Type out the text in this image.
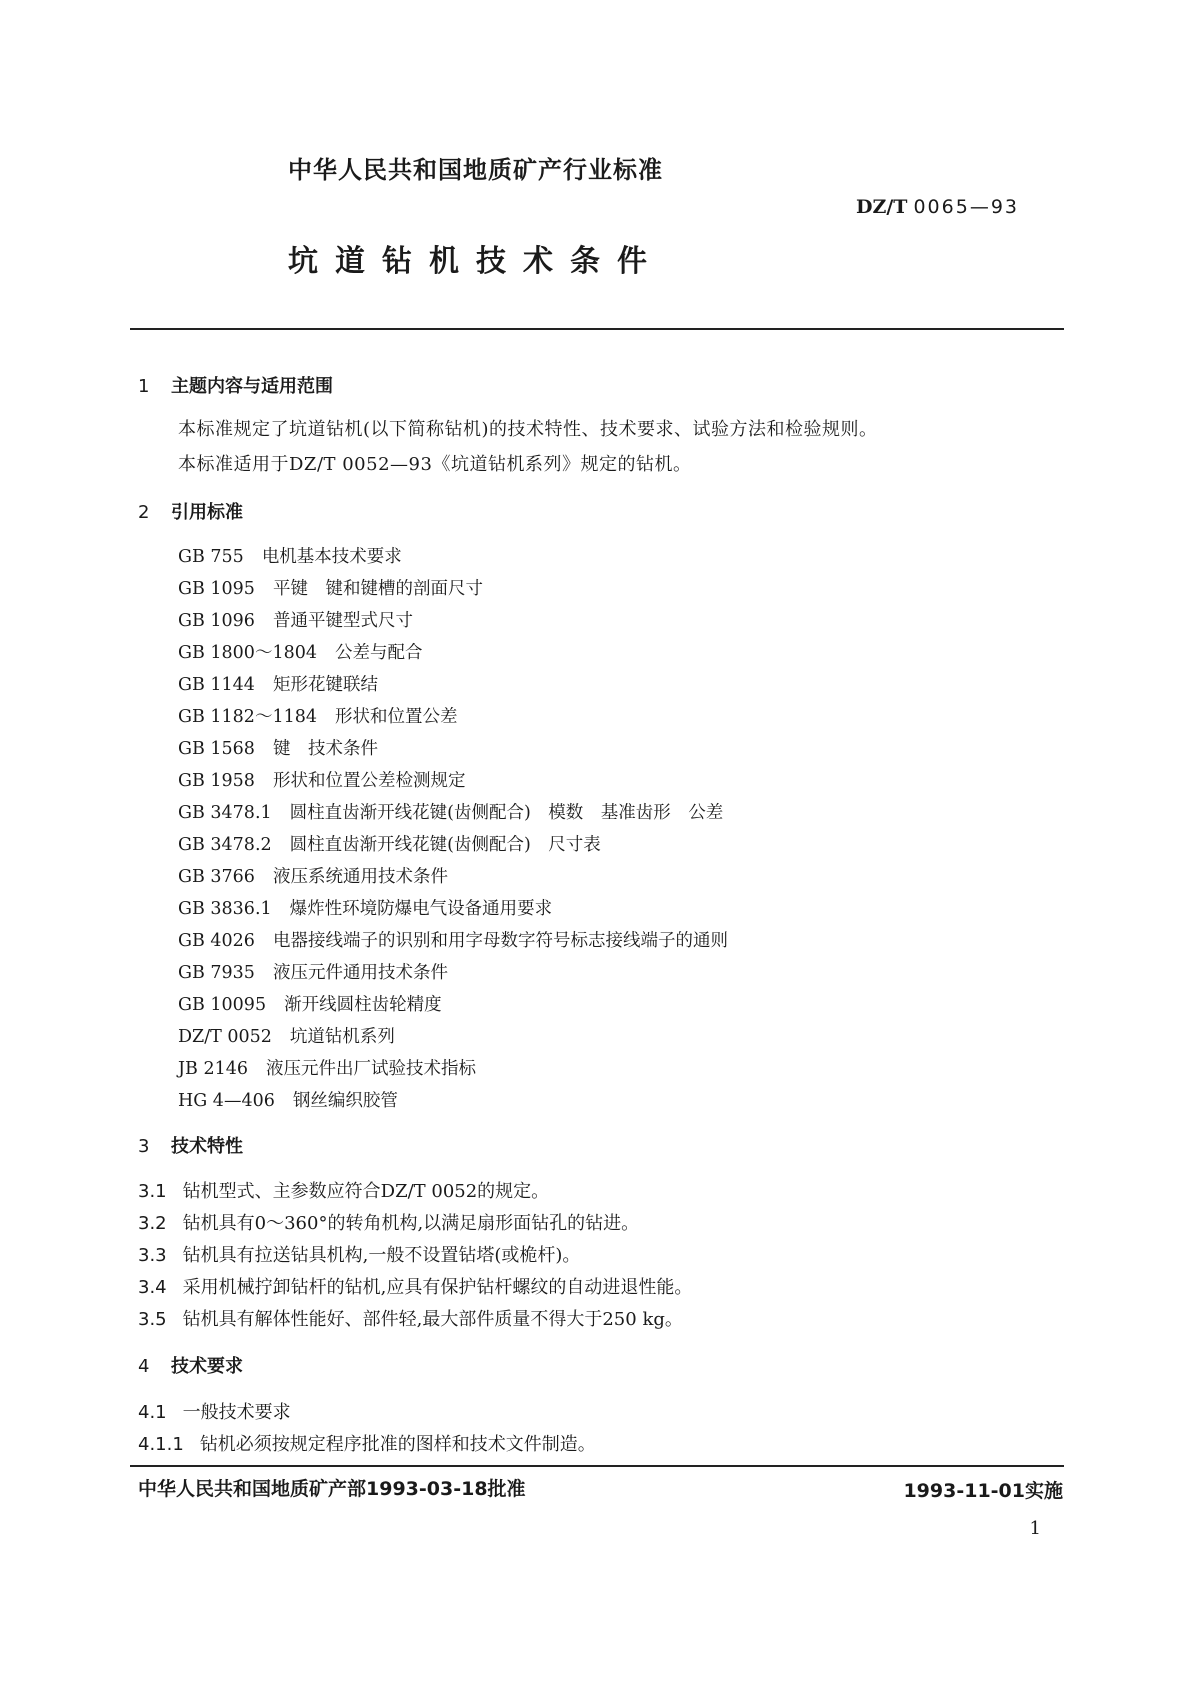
中华人民共和国地质矿产行业标准
DZ/T 0065—93
坑道钻机技术条件
1 主题内容与适用范围
本标准规定了坑道钻机(以下简称钻机)的技术特性、技术要求、试验方法和检验规则。
本标准适用于DZ/T 0052—93《坑道钻机系列》规定的钻机。
2 引用标准
GB 755 电机基本技术要求
GB 1095 平键　键和键槽的剖面尺寸
GB 1096 普通平键型式尺寸
GB 1800～1804 公差与配合
GB 1144 矩形花键联结
GB 1182～1184 形状和位置公差
GB 1568 键　技术条件
GB 1958 形状和位置公差检测规定
GB 3478.1 圆柱直齿渐开线花键(齿侧配合)　模数　基准齿形　公差
GB 3478.2 圆柱直齿渐开线花键(齿侧配合)　尺寸表
GB 3766 液压系统通用技术条件
GB 3836.1 爆炸性环境防爆电气设备通用要求
GB 4026 电器接线端子的识别和用字母数字符号标志接线端子的通则
GB 7935 液压元件通用技术条件
GB 10095 渐开线圆柱齿轮精度
DZ/T 0052 坑道钻机系列
JB 2146 液压元件出厂试验技术指标
HG 4—406 钢丝编织胶管
3 技术特性
3.1 钻机型式、主参数应符合DZ/T 0052的规定。
3.2 钻机具有0～360°的转角机构,以满足扇形面钻孔的钻进。
3.3 钻机具有拉送钻具机构,一般不设置钻塔(或桅杆)。
3.4 采用机械拧卸钻杆的钻机,应具有保护钻杆螺纹的自动进退性能。
3.5 钻机具有解体性能好、部件轻,最大部件质量不得大于250 kg。
4 技术要求
4.1 一般技术要求
4.1.1 钻机必须按规定程序批准的图样和技术文件制造。
中华人民共和国地质矿产部1993-03-18批准	1993-11-01实施
1
